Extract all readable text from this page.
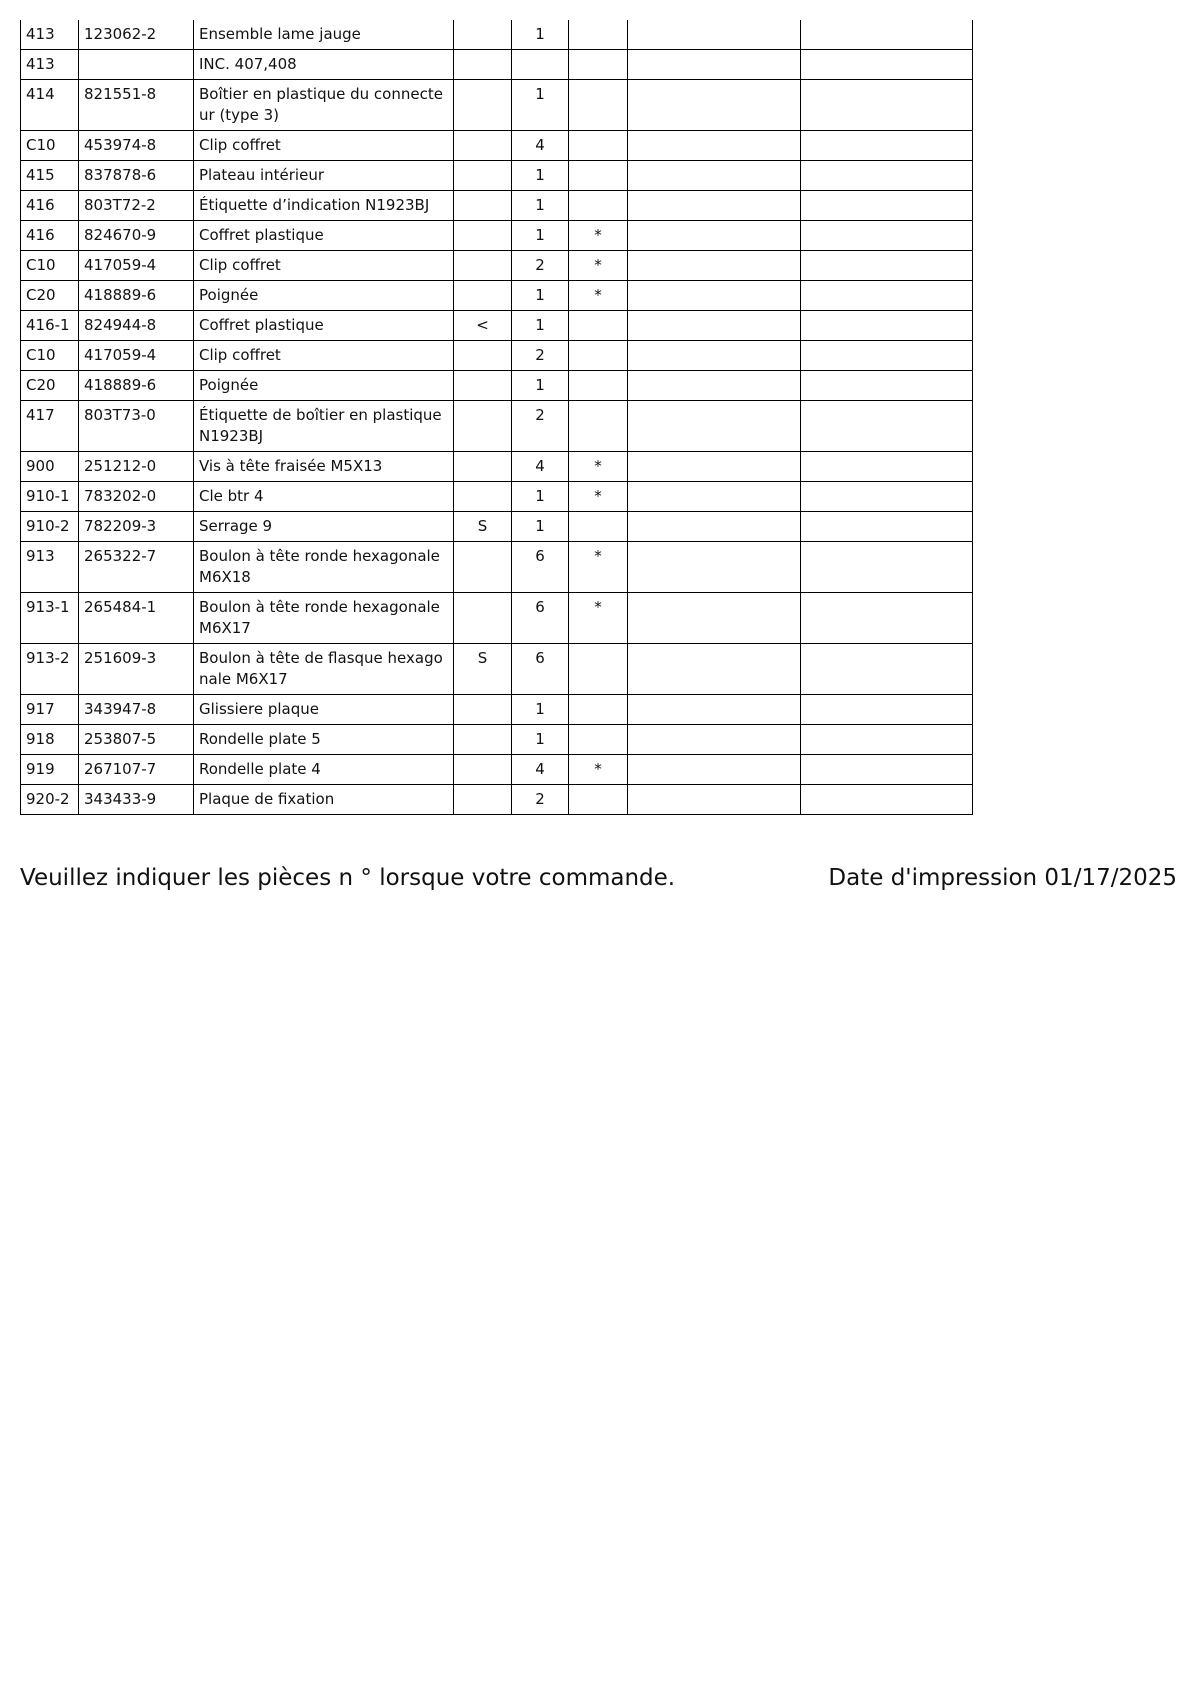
413	123062-2	Ensemble lame jauge		1			
413		INC. 407,408					
414	821551-8	Boîtier en plastique du connecteur (type 3)		1			
C10	453974-8	Clip coffret		4			
415	837878-6	Plateau intérieur		1			
416	803T72-2	Étiquette d’indication N1923BJ		1			
416	824670-9	Coffret plastique		1	*		
C10	417059-4	Clip coffret		2	*		
C20	418889-6	Poignée		1	*		
416-1	824944-8	Coffret plastique	<	1			
C10	417059-4	Clip coffret		2			
C20	418889-6	Poignée		1			
417	803T73-0	Étiquette de boîtier en plastique N1923BJ		2			
900	251212-0	Vis à tête fraisée M5X13		4	*		
910-1	783202-0	Cle btr 4		1	*		
910-2	782209-3	Serrage 9	S	1			
913	265322-7	Boulon à tête ronde hexagonale M6X18		6	*		
913-1	265484-1	Boulon à tête ronde hexagonale M6X17		6	*		
913-2	251609-3	Boulon à tête de flasque hexagonale M6X17	S	6			
917	343947-8	Glissiere plaque		1			
918	253807-5	Rondelle plate 5		1			
919	267107-7	Rondelle plate 4		4	*		
920-2	343433-9	Plaque de fixation		2			
Veuillez indiquer les pièces n ° lorsque votre commande.	Date d'impression 01/17/2025
